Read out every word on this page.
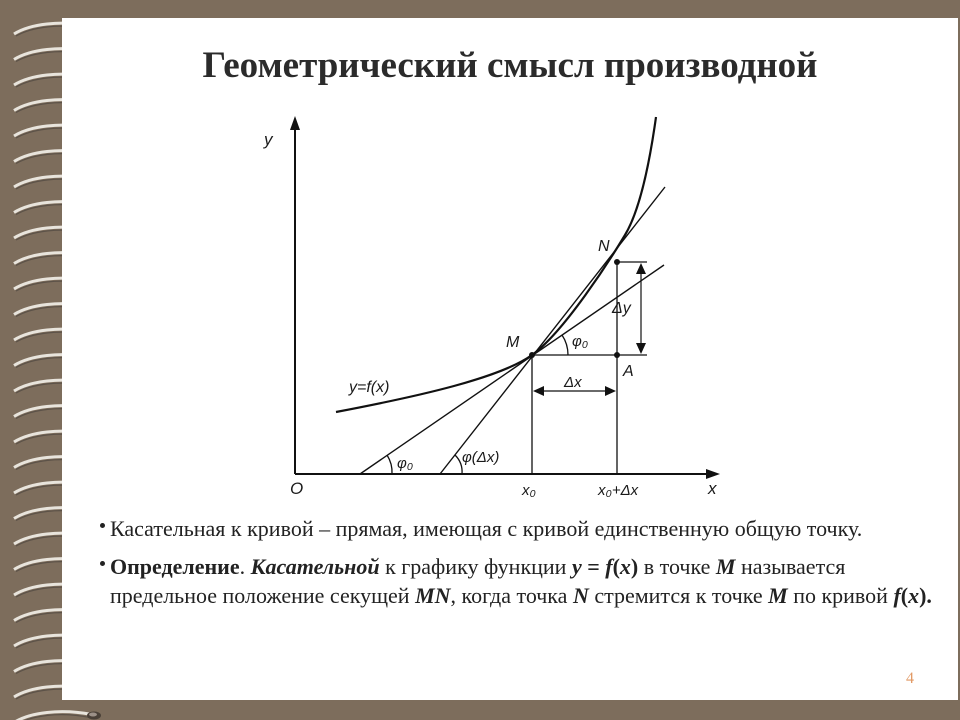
Геометрический смысл производной
y
x
O
M
N
A
Δy
Δx
φ₀
φ₀	φ(Δx)
y=f(x)
x₀	x₀+Δx

Касательная к кривой – прямая, имеющая с кривой единственную общую точку.

Определение. Касательной к графику функции y = f(x) в точке M называется предельное положение секущей MN, когда точка N стремится к точке M по кривой f(x).

4
